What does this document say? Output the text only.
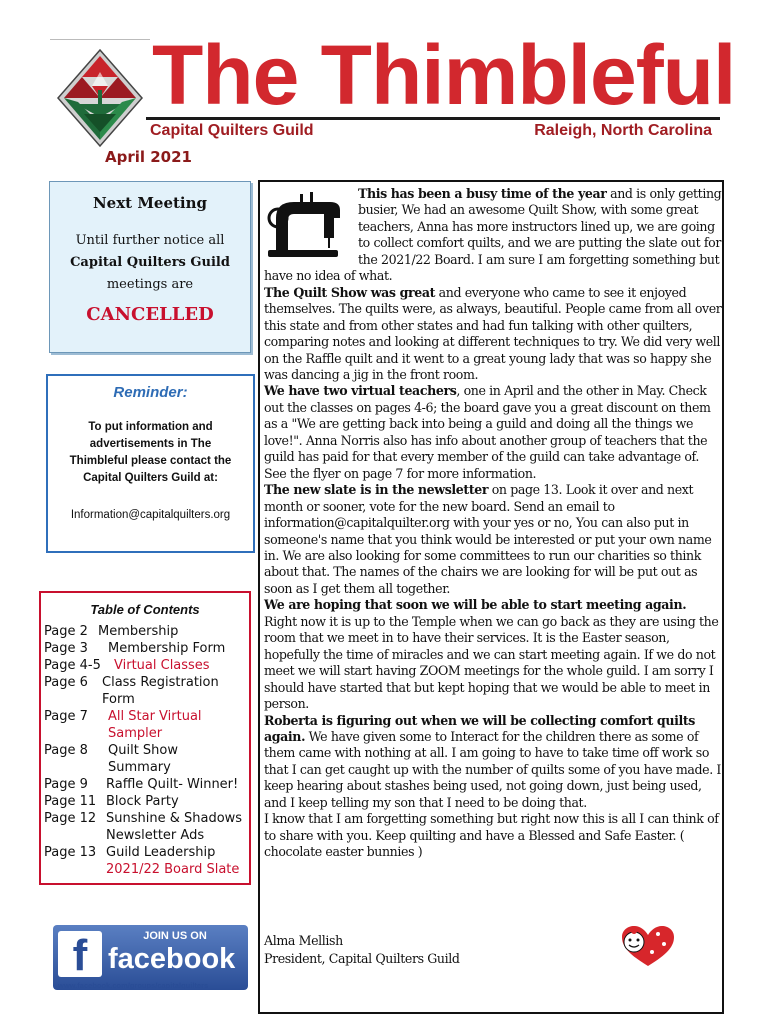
The Thimbleful
Capital Quilters Guild	Raleigh, North Carolina
April 2021
Next Meeting
Until further notice all
Capital Quilters Guild
meetings are
CANCELLED
Reminder:
To put information and
advertisements in The
Thimbleful please contact the
Capital Quilters Guild at:
Information@capitalquilters.org
Table of Contents
Page 2 Membership
Page 3	Membership Form
Page 4-5	Virtual Classes
Page 6	Class Registration Form
Page 7	All Star Virtual Sampler
Page 8	Quilt Show Summary
Page 9	Raffle Quilt- Winner!
Page 11 Block Party
Page 12 Sunshine & Shadows Newsletter Ads
Page 13 Guild Leadership
2021/22 Board Slate
f	JOIN US ON
facebook
www.facebook.com/groups/capitalquilters

This has been a busy time of the year and is only getting busier, We had an awesome Quilt Show, with some great teachers, Anna has more instructors lined up, we are going to collect comfort quilts, and we are putting the slate out for the 2021/22 Board. I am sure I am forgetting something but have no idea of what.

The Quilt Show was great and everyone who came to see it enjoyed themselves. The quilts were, as always, beautiful. People came from all over this state and from other states and had fun talking with other quilters, comparing notes and looking at different techniques to try. We did very well on the Raffle quilt and it went to a great young lady that was so happy she was dancing a jig in the front room.

We have two virtual teachers, one in April and the other in May. Check out the classes on pages 4-6; the board gave you a great discount on them as a "We are getting back into being a guild and doing all the things we love!". Anna Norris also has info about another group of teachers that the guild has paid for that every member of the guild can take advantage of. See the flyer on page 7 for more information.

The new slate is in the newsletter on page 13. Look it over and next month or sooner, vote for the new board. Send an email to information@capitalquilter.org with your yes or no, You can also put in someone's name that you think would be interested or put your own name in. We are also looking for some committees to run our charities so think about that. The names of the chairs we are looking for will be put out as soon as I get them all together.

We are hoping that soon we will be able to start meeting again. Right now it is up to the Temple when we can go back as they are using the room that we meet in to have their services. It is the Easter season, hopefully the time of miracles and we can start meeting again. If we do not meet we will start having ZOOM meetings for the whole guild. I am sorry I should have started that but kept hoping that we would be able to meet in person.

Roberta is figuring out when we will be collecting comfort quilts again. We have given some to Interact for the children there as some of them came with nothing at all. I am going to have to take time off work so that I can get caught up with the number of quilts some of you have made. I keep hearing about stashes being used, not going down, just being used, and I keep telling my son that I need to be doing that.

I know that I am forgetting something but right now this is all I can think of to share with you. Keep quilting and have a Blessed and Safe Easter. ( chocolate easter bunnies )

Alma Mellish
President, Capital Quilters Guild
